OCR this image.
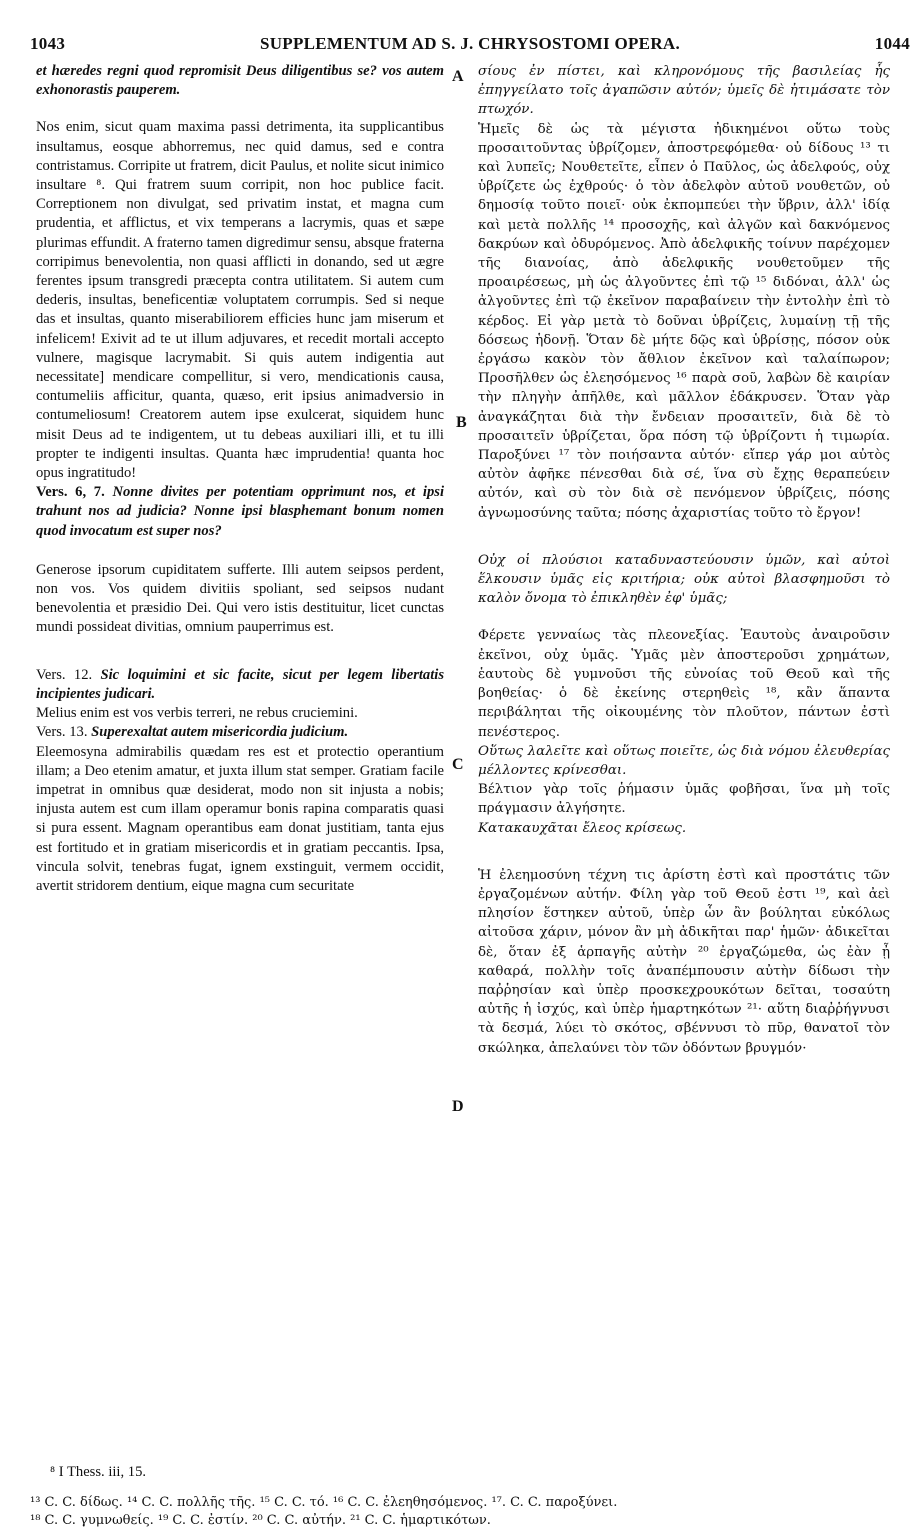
1043	SUPPLEMENTUM AD S. J. CHRYSOSTOMI OPERA.	1044

et hæredes regni quod repromisit Deus diligentibus se? vos autem exhonorastis pauperem.

Nos enim, sicut quam maxima passi detrimenta, ita supplicantibus insultamus, eosque abhorremus, nec quid damus, sed e contra contristamus. Corripite ut fratrem, dicit Paulus, et nolite sicut inimico insultare ⁸. Qui fratrem suum corripit, non hoc publice facit. Correptionem non divulgat, sed privatim instat, et magna cum prudentia, et afflictus, et vix temperans a lacrymis, quas et sæpe plurimas effundit. A fraterno tamen digredimur sensu, absque fraterna corripimus benevolentia, non quasi afflicti in donando, sed ut ægre ferentes ipsum transgredi præcepta contra utilitatem. Si autem cum dederis, insultas, beneficentiæ voluptatem corrumpis. Sed si neque das et insultas, quanto miserabiliorem efficies hunc jam miserum et infelicem! Exivit ad te ut illum adjuvares, et recedit mortali accepto vulnere, magisque lacrymabit. Si quis autem indigentia aut necessitate] mendicare compellitur, si vero, mendicationis causa, contumeliis afficitur, quanta, quæso, erit ipsius animadversio in contumeliosum! Creatorem autem ipse exulcerat, siquidem hunc misit Deus ad te indigentem, ut tu debeas auxiliari illi, et tu illi propter te indigenti insultas. Quanta hæc imprudentia! quanta hoc opus ingratitudo!

Vers. 6, 7. Nonne divites per potentiam opprimunt nos, et ipsi trahunt nos ad judicia? Nonne ipsi blasphemant bonum nomen quod invocatum est super nos?

Generose ipsorum cupiditatem sufferte. Illi autem seipsos perdent, non vos. Vos quidem divitiis spoliant, sed seipsos nudant benevolentia et præsidio Dei. Qui vero istis destituitur, licet cunctas mundi possideat divitias, omnium pauperrimus est.

Vers. 12. Sic loquimini et sic facite, sicut per legem libertatis incipientes judicari.

Melius enim est vos verbis terreri, ne rebus cruciemini.

Vers. 13. Superexaltat autem misericordia judicium.

Eleemosyna admirabilis quædam res est et protectio operantium illam; a Deo etenim amatur, et juxta illum stat semper. Gratiam facile impetrat in omnibus quæ desiderat, modo non sit injusta a nobis; injusta autem est cum illam operamur bonis rapina comparatis quasi si pura essent. Magnam operantibus eam donat justitiam, tanta ejus est fortitudo et in gratiam misericordis et in gratiam peccantis. Ipsa, vincula solvit, tenebras fugat, ignem exstinguit, vermem occidit, avertit stridorem dentium, eique magna cum securitate

σίους ἐν πίστει, καὶ κληρονόμους τῆς βασιλείας ἧς ἐπηγγείλατο τοῖς ἀγαπῶσιν αὐτόν; ὑμεῖς δὲ ἠτιμάσατε τὸν πτωχόν.

Ἡμεῖς δὲ ὡς τὰ μέγιστα ἠδικημένοι οὕτω τοὺς προσαιτοῦντας ὑβρίζομεν, ἀποστρεφόμεθα· οὐ δίδους ¹³ τι καὶ λυπεῖς; Νουθετεῖτε, εἶπεν ὁ Παῦλος, ὡς ἀδελφούς, οὐχ ὑβρίζετε ὡς ἐχθρούς· ὁ τὸν ἀδελφὸν αὐτοῦ νουθετῶν, οὐ δημοσίᾳ τοῦτο ποιεῖ· οὐκ ἐκπομπεύει τὴν ὕβριν, ἀλλ' ἰδίᾳ καὶ μετὰ πολλῆς ¹⁴ προσοχῆς, καὶ ἀλγῶν καὶ δακνόμενος δακρύων καὶ ὀδυρόμενος. Ἀπὸ ἀδελφικῆς τοίνυν παρέχομεν τῆς διανοίας, ἀπὸ ἀδελφικῆς νουθετοῦμεν τῆς προαιρέσεως, μὴ ὡς ἀλγοῦντες ἐπὶ τῷ ¹⁵ διδόναι, ἀλλ' ὡς ἀλγοῦντες ἐπὶ τῷ ἐκεῖνον παραβαίνειν τὴν ἐντολὴν ἐπὶ τὸ κέρδος. Εἰ γὰρ μετὰ τὸ δοῦναι ὑβρίζεις, λυμαίνῃ τῇ τῆς δόσεως ἡδονῇ. Ὅταν δὲ μήτε δῷς καὶ ὑβρίσῃς, πόσον οὐκ ἐργάσω κακὸν τὸν ἄθλιον ἐκεῖνον καὶ ταλαίπωρον; Προσῆλθεν ὡς ἐλεησόμενος ¹⁶ παρὰ σοῦ, λαβὼν δὲ καιρίαν τὴν πληγὴν ἀπῆλθε, καὶ μᾶλλον ἐδάκρυσεν. Ὅταν γὰρ ἀναγκάζηται διὰ τὴν ἔνδειαν προσαιτεῖν, διὰ δὲ τὸ προσαιτεῖν ὑβρίζεται, ὅρα πόση τῷ ὑβρίζοντι ἡ τιμωρία. Παροξύνει ¹⁷ τὸν ποιήσαντα αὐτόν· εἴπερ γάρ μοι αὐτὸς αὐτὸν ἀφῆκε πένεσθαι διὰ σέ, ἵνα σὺ ἔχῃς θεραπεύειν αὐτόν, καὶ σὺ τὸν διὰ σὲ πενόμενον ὑβρίζεις, πόσης ἀγνωμοσύνης ταῦτα; πόσης ἀχαριστίας τοῦτο τὸ ἔργον!

Οὐχ οἱ πλούσιοι καταδυναστεύουσιν ὑμῶν, καὶ αὐτοὶ ἕλκουσιν ὑμᾶς εἰς κριτήρια; οὐκ αὐτοὶ βλασφημοῦσι τὸ καλὸν ὄνομα τὸ ἐπικληθὲν ἐφ' ὑμᾶς;

Φέρετε γενναίως τὰς πλεονεξίας. Ἑαυτοὺς ἀναιροῦσιν ἐκεῖνοι, οὐχ ὑμᾶς. Ὑμᾶς μὲν ἀποστεροῦσι χρημάτων, ἑαυτοὺς δὲ γυμνοῦσι τῆς εὐνοίας τοῦ Θεοῦ καὶ τῆς βοηθείας· ὁ δὲ ἐκείνης στερηθεὶς ¹⁸, κἂν ἅπαντα περιβάληται τῆς οἰκουμένης τὸν πλοῦτον, πάντων ἐστὶ πενέστερος.

Οὕτως λαλεῖτε καὶ οὕτως ποιεῖτε, ὡς διὰ νόμου ἐλευθερίας μέλλοντες κρίνεσθαι.

Βέλτιον γὰρ τοῖς ῥήμασιν ὑμᾶς φοβῆσαι, ἵνα μὴ τοῖς πράγμασιν ἀλγήσητε.

Κατακαυχᾶται ἔλεος κρίσεως.

Ἡ ἐλεημοσύνη τέχνη τις ἀρίστη ἐστὶ καὶ προστάτις τῶν ἐργαζομένων αὐτήν. Φίλη γὰρ τοῦ Θεοῦ ἐστι ¹⁹, καὶ ἀεὶ πλησίον ἕστηκεν αὐτοῦ, ὑπὲρ ὧν ἂν βούληται εὐκόλως αἰτοῦσα χάριν, μόνον ἂν μὴ ἀδικῆται παρ' ἡμῶν· ἀδικεῖται δὲ, ὅταν ἐξ ἁρπαγῆς αὐτὴν ²⁰ ἐργαζώμεθα, ὡς ἐὰν ᾖ καθαρά, πολλὴν τοῖς ἀναπέμπουσιν αὐτὴν δίδωσι τὴν παῤῥησίαν καὶ ὑπὲρ προσκεχρουκότων δεῖται, τοσαύτη αὐτῆς ἡ ἰσχύς, καὶ ὑπὲρ ἡμαρτηκότων ²¹· αὕτη διαῤῥήγνυσι τὰ δεσμά, λύει τὸ σκότος, σβέννυσι τὸ πῦρ, θανατοῖ τὸν σκώληκα, ἀπελαύνει τὸν τῶν ὀδόντων βρυγμόν·

A
B
C
D
⁸ I Thess. iii, 15.
¹³ C. C. δίδως. ¹⁴ C. C. πολλῆς τῆς. ¹⁵ C. C. τό. ¹⁶ C. C. ἐλεηθησόμενος. ¹⁷. C. C. παροξύνει.
¹⁸ C. C. γυμνωθείς. ¹⁹ C. C. ἐστίν. ²⁰ C. C. αὐτήν. ²¹ C. C. ἡμαρτικότων.
